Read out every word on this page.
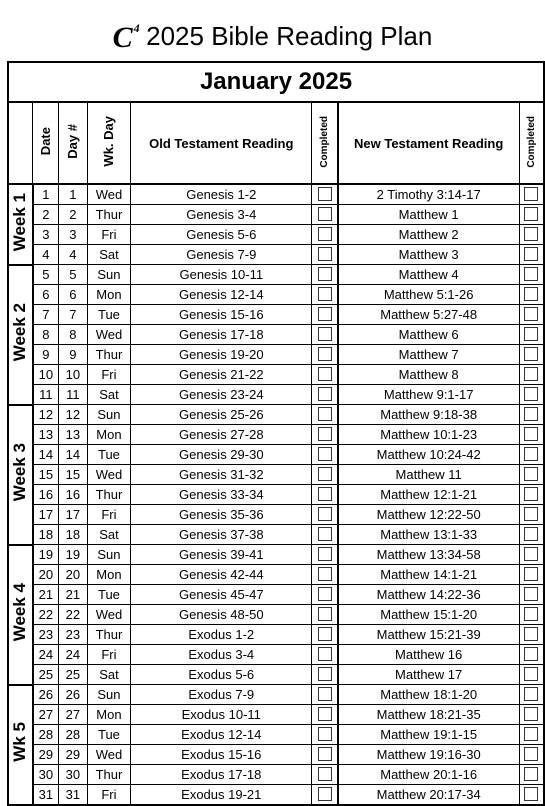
$C^4$ 2025 Bible Reading Plan
January 2025							
	Date	Day #	Wk. Day	Old Testament Reading	Completed	New Testament Reading	Completed
Week 1	1	1	Wed	Genesis 1-2		2 Timothy 3:14-17	
	2	2	Thur	Genesis 3-4		Matthew 1	
	3	3	Fri	Genesis 5-6		Matthew 2	
	4	4	Sat	Genesis 7-9		Matthew 3	
Week 2	5	5	Sun	Genesis 10-11		Matthew 4	
	6	6	Mon	Genesis 12-14		Matthew 5:1-26	
	7	7	Tue	Genesis 15-16		Matthew 5:27-48	
	8	8	Wed	Genesis 17-18		Matthew 6	
	9	9	Thur	Genesis 19-20		Matthew 7	
	10	10	Fri	Genesis 21-22		Matthew 8	
	11	11	Sat	Genesis 23-24		Matthew 9:1-17	
Week 3	12	12	Sun	Genesis 25-26		Matthew 9:18-38	
	13	13	Mon	Genesis 27-28		Matthew 10:1-23	
	14	14	Tue	Genesis 29-30		Matthew 10:24-42	
	15	15	Wed	Genesis 31-32		Matthew 11	
	16	16	Thur	Genesis 33-34		Matthew 12:1-21	
	17	17	Fri	Genesis 35-36		Matthew 12:22-50	
	18	18	Sat	Genesis 37-38		Matthew 13:1-33	
Week 4	19	19	Sun	Genesis 39-41		Matthew 13:34-58	
	20	20	Mon	Genesis 42-44		Matthew 14:1-21	
	21	21	Tue	Genesis 45-47		Matthew 14:22-36	
	22	22	Wed	Genesis 48-50		Matthew 15:1-20	
	23	23	Thur	Exodus 1-2		Matthew 15:21-39	
	24	24	Fri	Exodus 3-4		Matthew 16	
	25	25	Sat	Exodus 5-6		Matthew 17	
Wk 5	26	26	Sun	Exodus 7-9		Matthew 18:1-20	
	27	27	Mon	Exodus 10-11		Matthew 18:21-35	
	28	28	Tue	Exodus 12-14		Matthew 19:1-15	
	29	29	Wed	Exodus 15-16		Matthew 19:16-30	
	30	30	Thur	Exodus 17-18		Matthew 20:1-16	
	31	31	Fri	Exodus 19-21		Matthew 20:17-34	
